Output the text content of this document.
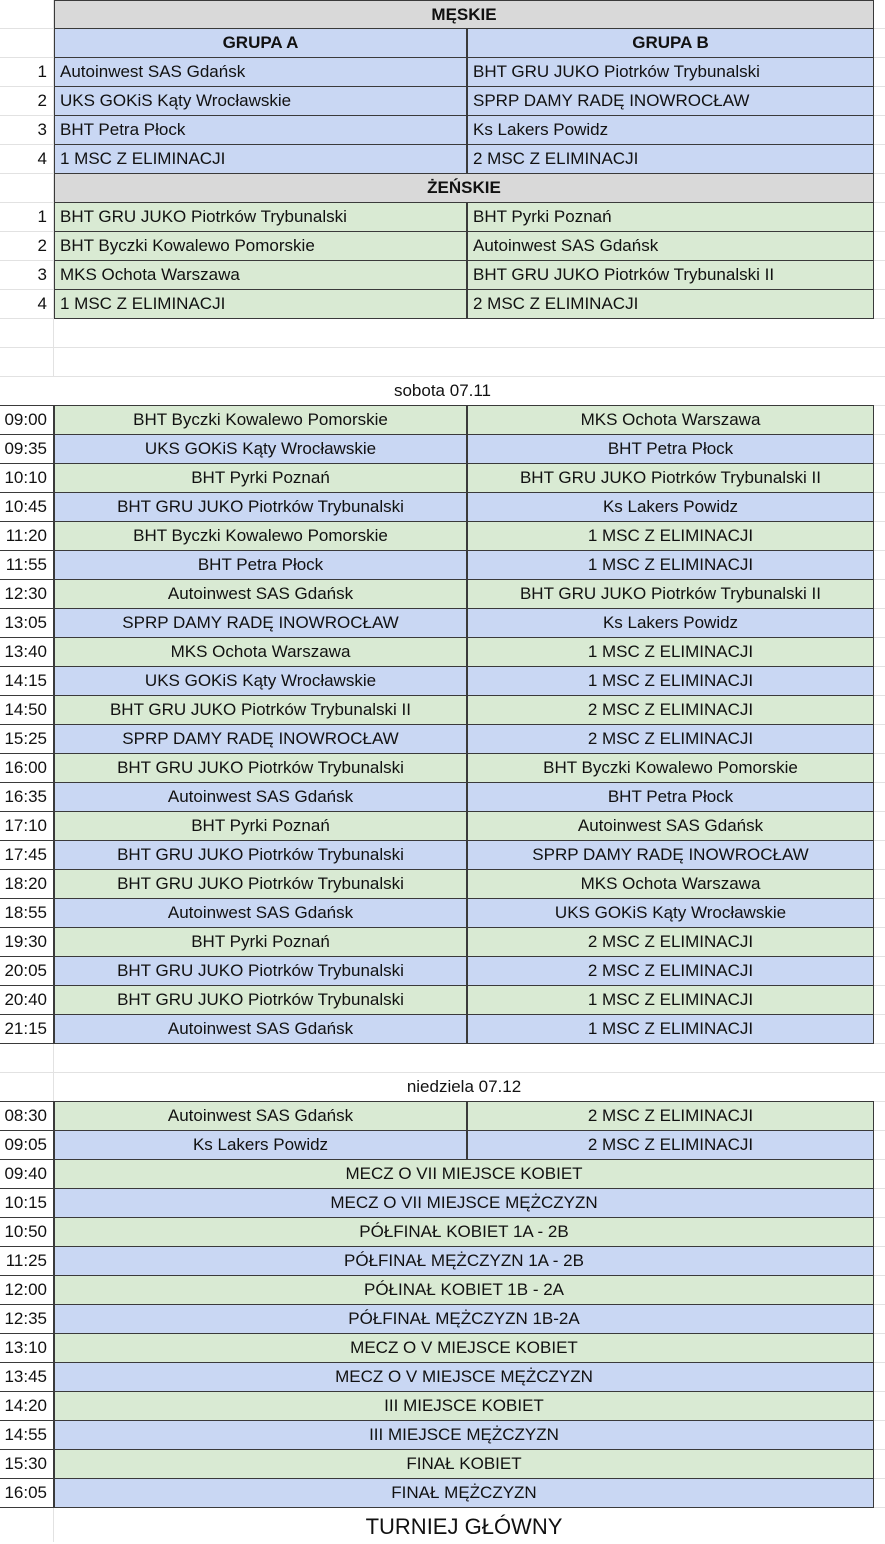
MĘSKIE
GRUPA A	GRUPA B
1 Autoinwest SAS Gdańsk	BHT GRU JUKO Piotrków Trybunalski
2 UKS GOKiS Kąty Wrocławskie	SPRP DAMY RADĘ INOWROCŁAW
3 BHT Petra Płock	Ks Lakers Powidz
4 1 MSC Z ELIMINACJI	2 MSC Z ELIMINACJI
ŻEŃSKIE
1 BHT GRU JUKO Piotrków Trybunalski	BHT Pyrki Poznań
2 BHT Byczki Kowalewo Pomorskie	Autoinwest SAS Gdańsk
3 MKS Ochota Warszawa	BHT GRU JUKO Piotrków Trybunalski II
4 1 MSC Z ELIMINACJI	2 MSC Z ELIMINACJI
sobota 07.11
09:00	BHT Byczki Kowalewo Pomorskie	MKS Ochota Warszawa
09:35	UKS GOKiS Kąty Wrocławskie	BHT Petra Płock
10:10	BHT Pyrki Poznań	BHT GRU JUKO Piotrków Trybunalski II
10:45	BHT GRU JUKO Piotrków Trybunalski	Ks Lakers Powidz
11:20	BHT Byczki Kowalewo Pomorskie	1 MSC Z ELIMINACJI
11:55	BHT Petra Płock	1 MSC Z ELIMINACJI
12:30	Autoinwest SAS Gdańsk	BHT GRU JUKO Piotrków Trybunalski II
13:05	SPRP DAMY RADĘ INOWROCŁAW	Ks Lakers Powidz
13:40	MKS Ochota Warszawa	1 MSC Z ELIMINACJI
14:15	UKS GOKiS Kąty Wrocławskie	1 MSC Z ELIMINACJI
14:50	BHT GRU JUKO Piotrków Trybunalski II	2 MSC Z ELIMINACJI
15:25	SPRP DAMY RADĘ INOWROCŁAW	2 MSC Z ELIMINACJI
16:00	BHT GRU JUKO Piotrków Trybunalski	BHT Byczki Kowalewo Pomorskie
16:35	Autoinwest SAS Gdańsk	BHT Petra Płock
17:10	BHT Pyrki Poznań	Autoinwest SAS Gdańsk
17:45	BHT GRU JUKO Piotrków Trybunalski	SPRP DAMY RADĘ INOWROCŁAW
18:20	BHT GRU JUKO Piotrków Trybunalski	MKS Ochota Warszawa
18:55	Autoinwest SAS Gdańsk	UKS GOKiS Kąty Wrocławskie
19:30	BHT Pyrki Poznań	2 MSC Z ELIMINACJI
20:05	BHT GRU JUKO Piotrków Trybunalski	2 MSC Z ELIMINACJI
20:40	BHT GRU JUKO Piotrków Trybunalski	1 MSC Z ELIMINACJI
21:15	Autoinwest SAS Gdańsk	1 MSC Z ELIMINACJI
niedziela 07.12
08:30	Autoinwest SAS Gdańsk	2 MSC Z ELIMINACJI
09:05	Ks Lakers Powidz	2 MSC Z ELIMINACJI
09:40	MECZ O VII MIEJSCE KOBIET
10:15	MECZ O VII MIEJSCE MĘŻCZYZN
10:50	PÓŁFINAŁ KOBIET 1A - 2B
11:25	PÓŁFINAŁ MĘŻCZYZN 1A - 2B
12:00	PÓŁINAŁ KOBIET 1B - 2A
12:35	PÓŁFINAŁ MĘŻCZYZN 1B-2A
13:10	MECZ O V MIEJSCE KOBIET
13:45	MECZ O V MIEJSCE MĘŻCZYZN
14:20	III MIEJSCE KOBIET
14:55	III MIEJSCE MĘŻCZYZN
15:30	FINAŁ KOBIET
16:05	FINAŁ MĘŻCZYZN
TURNIEJ GŁÓWNY
